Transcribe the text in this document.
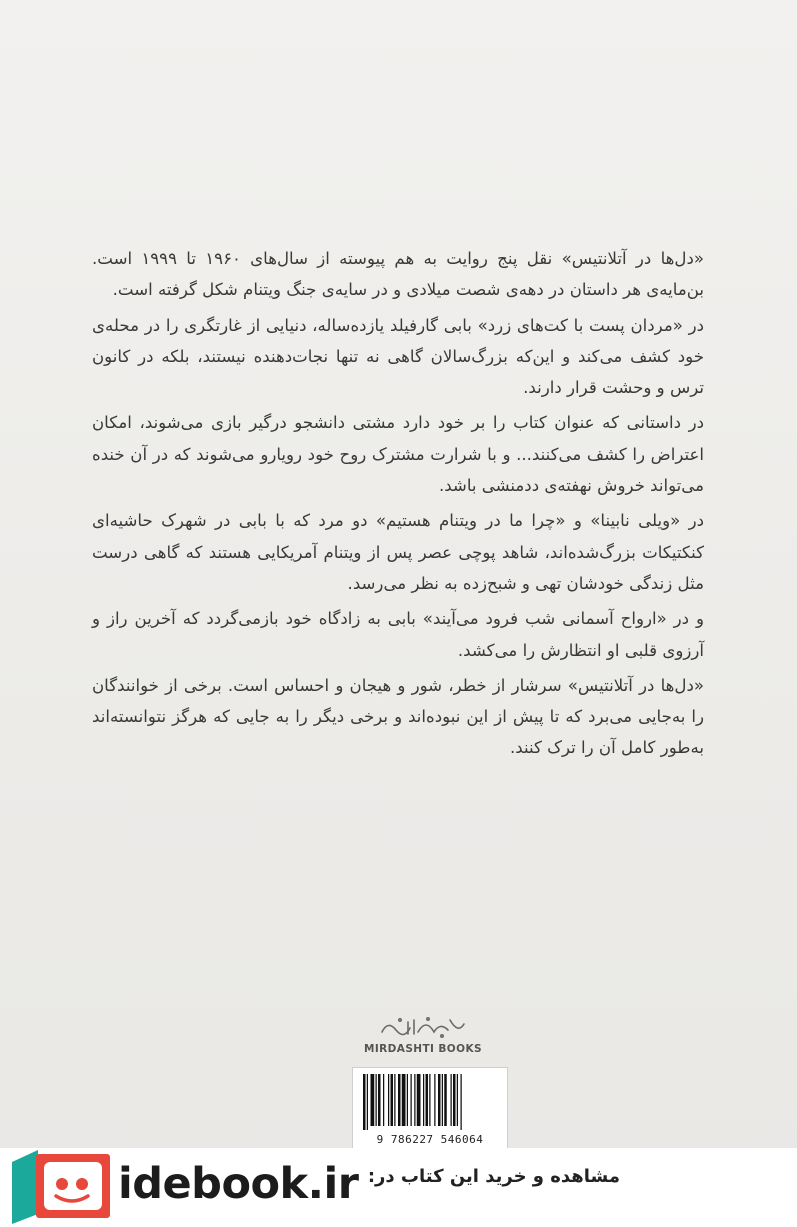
«دل‌ها در آتلانتیس» نقل پنج روایت به هم پیوسته از سال‌های ۱۹۶۰ تا ۱۹۹۹ است. بن‌مایه‌ی هر داستان در دهه‌ی شصت میلادی و در سایه‌ی جنگ ویتنام شکل گرفته است.

در «مردان پست با کت‌های زرد» بابی گارفیلد یازده‌ساله، دنیایی از غارتگری را در محله‌ی خود کشف می‌کند و این‌که بزرگ‌سالان گاهی نه تنها نجات‌دهنده نیستند، بلکه در کانون ترس و وحشت قرار دارند.

در داستانی که عنوان کتاب را بر خود دارد مشتی دانشجو درگیر بازی می‌شوند، امکان اعتراض را کشف می‌کنند... و با شرارت مشترک روح خود رویارو می‌شوند که در آن خنده می‌تواند خروش نهفته‌ی ددمنشی باشد.

در «ویلی نابینا» و «چرا ما در ویتنام هستیم» دو مرد که با بابی در شهرک حاشیه‌ای کنکتیکات بزرگ‌شده‌اند، شاهد پوچی عصر پس از ویتنام آمریکایی هستند که گاهی درست مثل زندگی خودشان تهی و شبح‌زده به نظر می‌رسد.

و در «ارواح آسمانی شب فرود می‌آیند» بابی به زادگاه خود بازمی‌گردد که آخرین راز و آرزوی قلبی او انتظارش را می‌کشد.

«دل‌ها در آتلانتیس» سرشار از خطر، شور و هیجان و احساس است. برخی از خوانندگان را به‌جایی می‌برد که تا پیش از این نبوده‌اند و برخی دیگر را به جایی که هرگز نتوانسته‌اند به‌طور کامل آن را ترک کنند.

MIRDASHTI BOOKS
9 786227 546064
idebook.ir مشاهده و خرید این کتاب در:
